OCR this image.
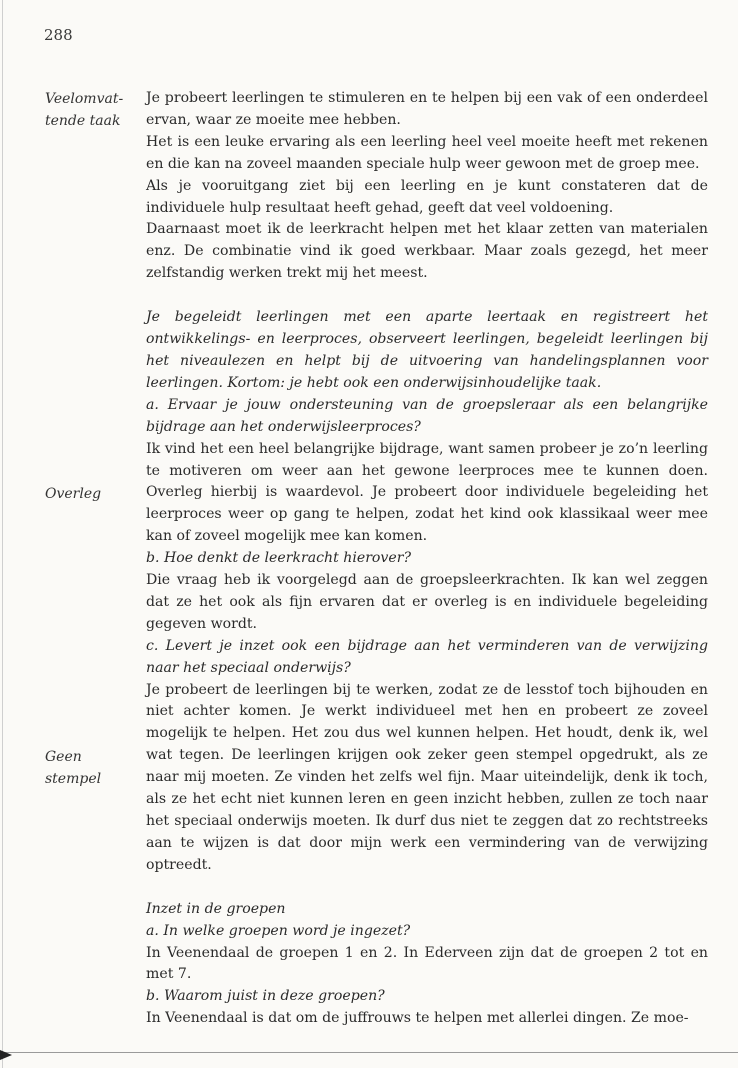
288
Veelomvat-
tende taak
Overleg
Geen
stempel

Je probeert leerlingen te stimuleren en te helpen bij een vak of een onderdeel ervan, waar ze moeite mee hebben.

Het is een leuke ervaring als een leerling heel veel moeite heeft met rekenen en die kan na zoveel maanden speciale hulp weer gewoon met de groep mee.

Als je vooruitgang ziet bij een leerling en je kunt constateren dat de individuele hulp resultaat heeft gehad, geeft dat veel voldoening.

Daarnaast moet ik de leerkracht helpen met het klaar zetten van materialen enz. De combinatie vind ik goed werkbaar. Maar zoals gezegd, het meer zelfstandig werken trekt mij het meest.

Je begeleidt leerlingen met een aparte leertaak en registreert het ontwikkelings- en leerproces, observeert leerlingen, begeleidt leerlingen bij het niveaulezen en helpt bij de uitvoering van handelingsplannen voor leerlingen. Kortom: je hebt ook een onderwijsinhoudelijke taak.

a. Ervaar je jouw ondersteuning van de groepsleraar als een belangrijke bijdrage aan het onderwijsleerproces?

Ik vind het een heel belangrijke bijdrage, want samen probeer je zo’n leerling te motiveren om weer aan het gewone leerproces mee te kunnen doen. Overleg hierbij is waardevol. Je probeert door individuele begeleiding het leerproces weer op gang te helpen, zodat het kind ook klassikaal weer mee kan of zoveel mogelijk mee kan komen.

b. Hoe denkt de leerkracht hierover?

Die vraag heb ik voorgelegd aan de groepsleerkrachten. Ik kan wel zeggen dat ze het ook als fijn ervaren dat er overleg is en individuele begeleiding gegeven wordt.

c. Levert je inzet ook een bijdrage aan het verminderen van de verwijzing naar het speciaal onderwijs?

Je probeert de leerlingen bij te werken, zodat ze de lesstof toch bijhouden en niet achter komen. Je werkt individueel met hen en probeert ze zoveel mogelijk te helpen. Het zou dus wel kunnen helpen. Het houdt, denk ik, wel wat tegen. De leerlingen krijgen ook zeker geen stempel opgedrukt, als ze naar mij moeten. Ze vinden het zelfs wel fijn. Maar uiteindelijk, denk ik toch, als ze het echt niet kunnen leren en geen inzicht hebben, zullen ze toch naar het speciaal onderwijs moeten. Ik durf dus niet te zeggen dat zo rechtstreeks aan te wijzen is dat door mijn werk een vermindering van de verwijzing optreedt.

Inzet in de groepen

a. In welke groepen word je ingezet?

In Veenendaal de groepen 1 en 2. In Ederveen zijn dat de groepen 2 tot en met 7.

b. Waarom juist in deze groepen?

In Veenendaal is dat om de juffrouws te helpen met allerlei dingen. Ze moe-
